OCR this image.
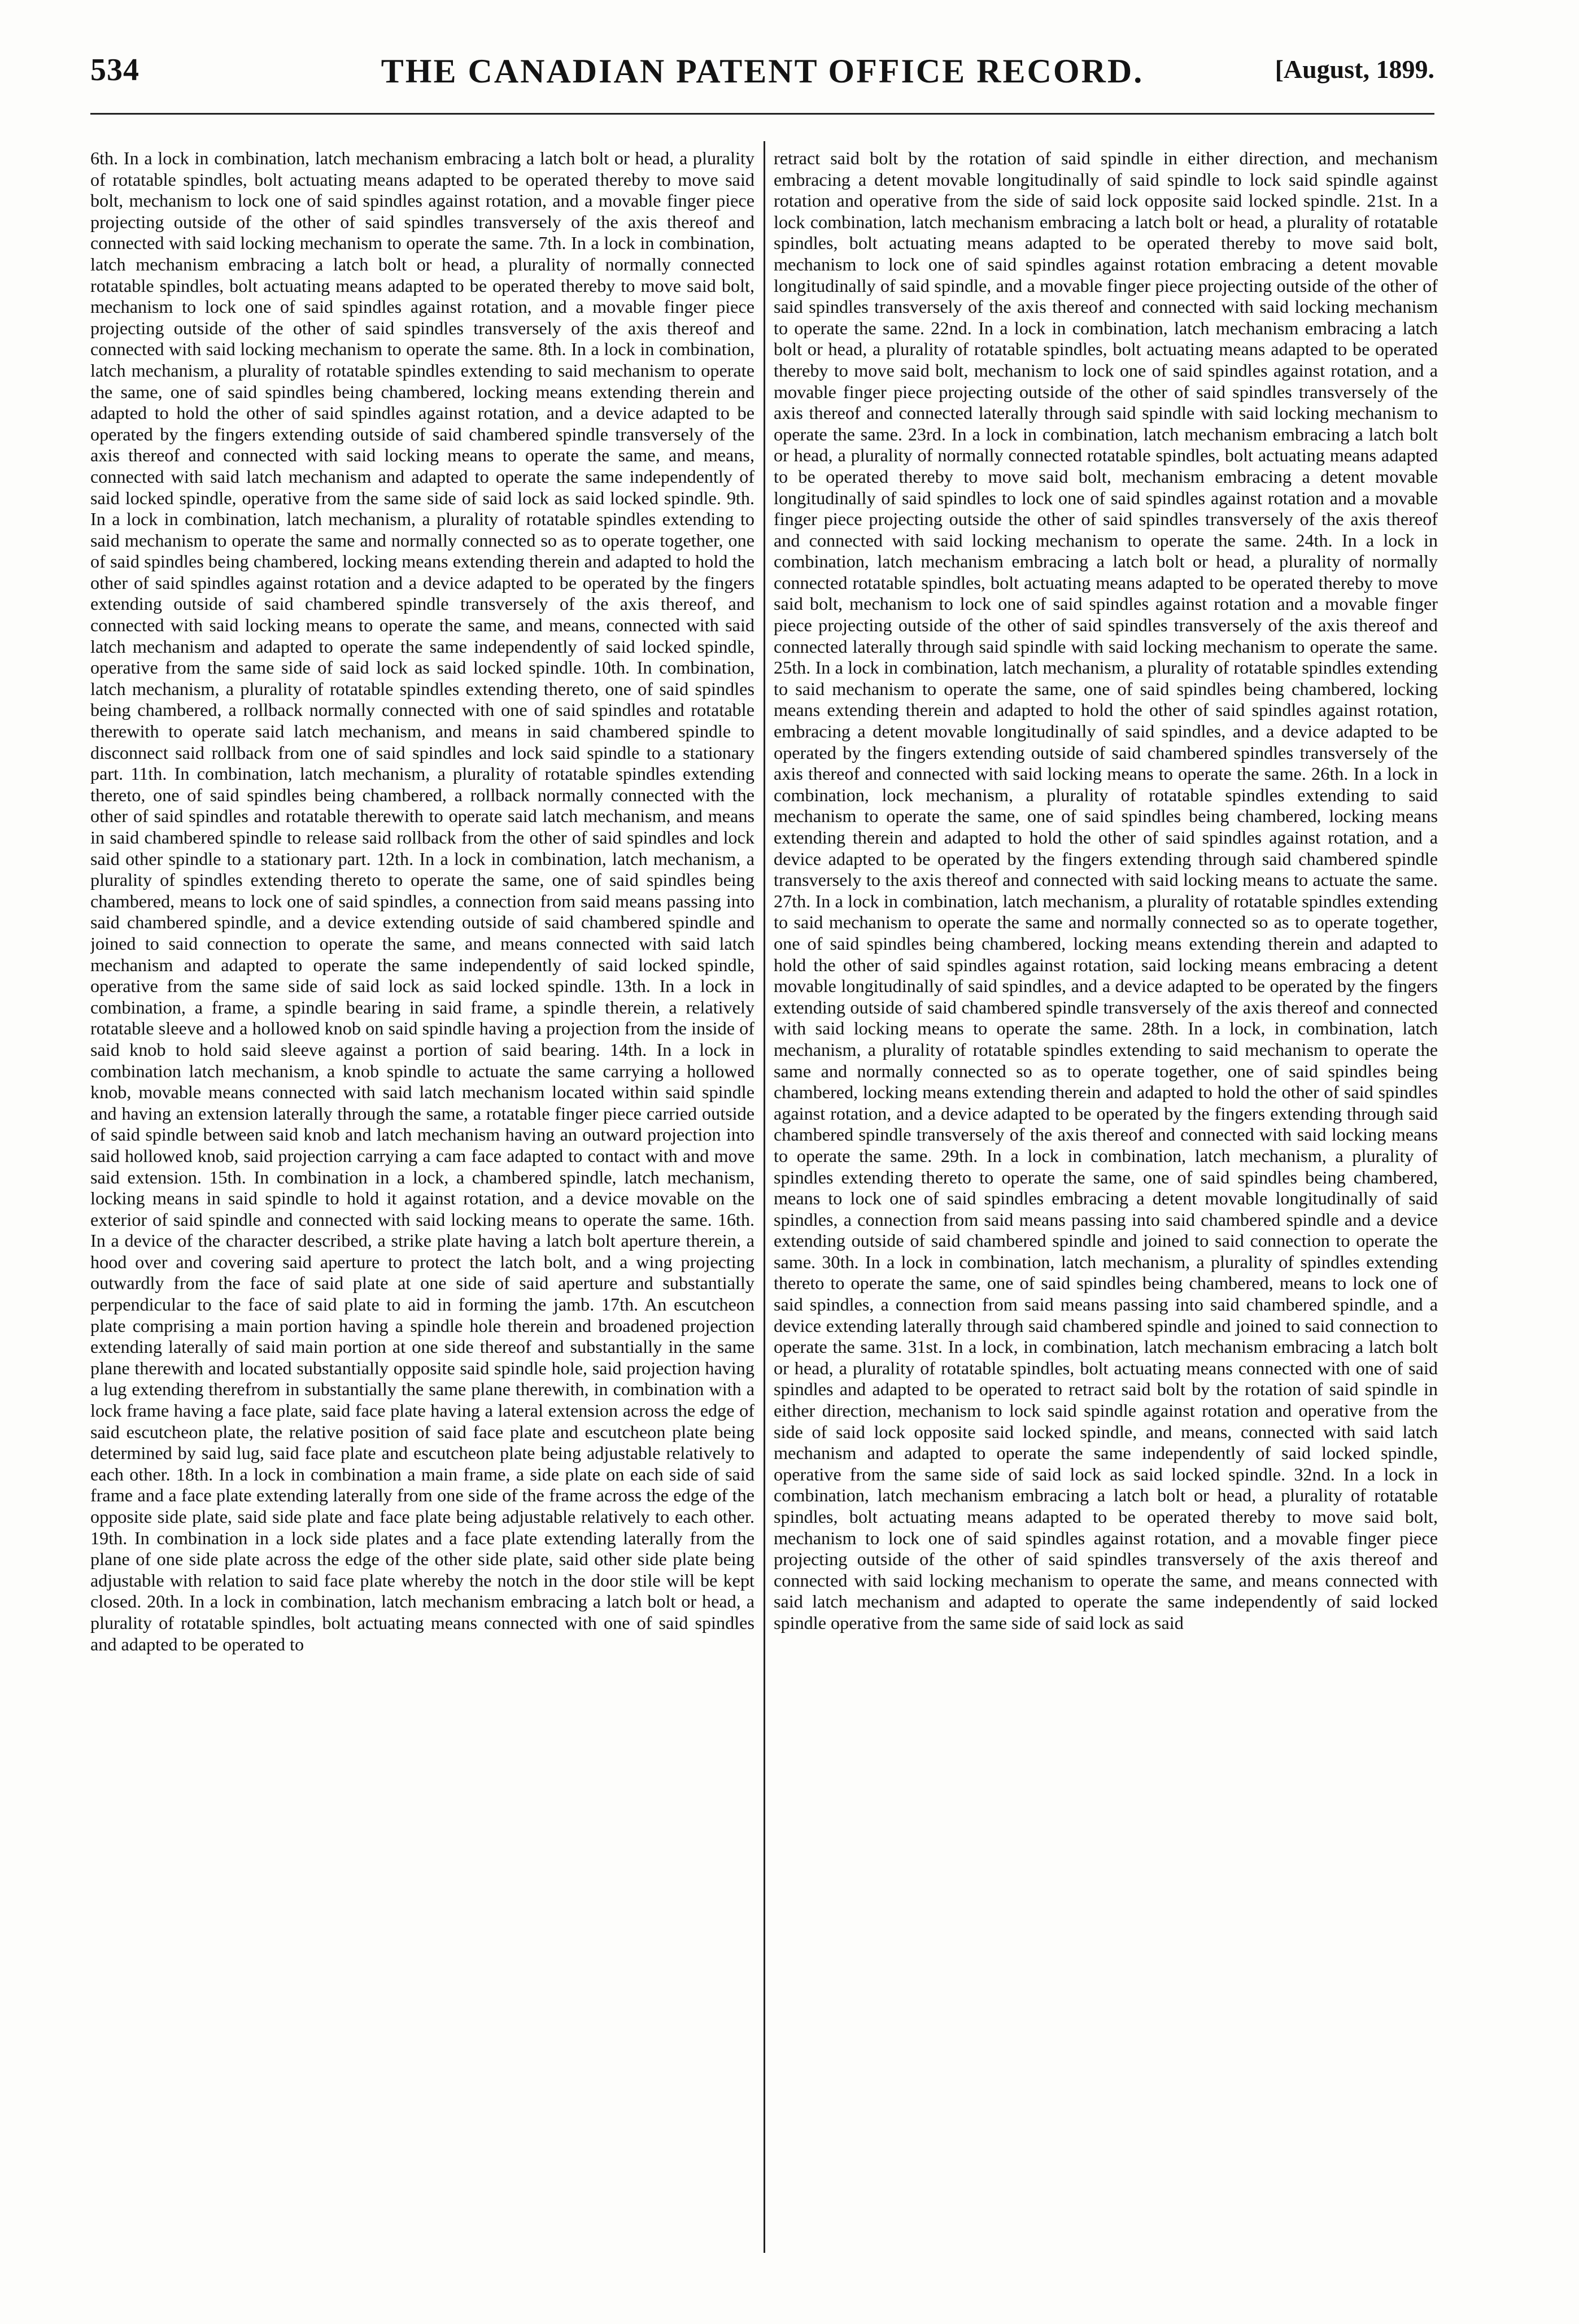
534	THE CANADIAN PATENT OFFICE RECORD.	[August, 1899.

6th. In a lock in combination, latch mechanism embracing a latch bolt or head, a plurality of rotatable spindles, bolt actuating means adapted to be operated thereby to move said bolt, mechanism to lock one of said spindles against rotation, and a movable finger piece projecting outside of the other of said spindles transversely of the axis thereof and connected with said locking mechanism to operate the same. 7th. In a lock in combination, latch mechanism embracing a latch bolt or head, a plurality of normally connected rotatable spindles, bolt actuating means adapted to be operated thereby to move said bolt, mechanism to lock one of said spindles against rotation, and a movable finger piece projecting outside of the other of said spindles transversely of the axis thereof and connected with said locking mechanism to operate the same. 8th. In a lock in combination, latch mechanism, a plurality of rotatable spindles extending to said mechanism to operate the same, one of said spindles being chambered, locking means extending therein and adapted to hold the other of said spindles against rotation, and a device adapted to be operated by the fingers extending outside of said chambered spindle transversely of the axis thereof and connected with said locking means to operate the same, and means, connected with said latch mechanism and adapted to operate the same independently of said locked spindle, operative from the same side of said lock as said locked spindle. 9th. In a lock in combination, latch mechanism, a plurality of rotatable spindles extending to said mechanism to operate the same and normally connected so as to operate together, one of said spindles being chambered, locking means extending therein and adapted to hold the other of said spindles against rotation and a device adapted to be operated by the fingers extending outside of said chambered spindle transversely of the axis thereof, and connected with said locking means to operate the same, and means, connected with said latch mechanism and adapted to operate the same independently of said locked spindle, operative from the same side of said lock as said locked spindle. 10th. In combination, latch mechanism, a plurality of rotatable spindles extending thereto, one of said spindles being chambered, a rollback normally connected with one of said spindles and rotatable therewith to operate said latch mechanism, and means in said chambered spindle to disconnect said rollback from one of said spindles and lock said spindle to a stationary part. 11th. In combination, latch mechanism, a plurality of rotatable spindles extending thereto, one of said spindles being chambered, a rollback normally connected with the other of said spindles and rotatable therewith to operate said latch mechanism, and means in said chambered spindle to release said rollback from the other of said spindles and lock said other spindle to a stationary part. 12th. In a lock in combination, latch mechanism, a plurality of spindles extending thereto to operate the same, one of said spindles being chambered, means to lock one of said spindles, a connection from said means passing into said chambered spindle, and a device extending outside of said chambered spindle and joined to said connection to operate the same, and means connected with said latch mechanism and adapted to operate the same independently of said locked spindle, operative from the same side of said lock as said locked spindle. 13th. In a lock in combination, a frame, a spindle bearing in said frame, a spindle therein, a relatively rotatable sleeve and a hollowed knob on said spindle having a projection from the inside of said knob to hold said sleeve against a portion of said bearing. 14th. In a lock in combination latch mechanism, a knob spindle to actuate the same carrying a hollowed knob, movable means connected with said latch mechanism located within said spindle and having an extension laterally through the same, a rotatable finger piece carried outside of said spindle between said knob and latch mechanism having an outward projection into said hollowed knob, said projection carrying a cam face adapted to contact with and move said extension. 15th. In combination in a lock, a chambered spindle, latch mechanism, locking means in said spindle to hold it against rotation, and a device movable on the exterior of said spindle and connected with said locking means to operate the same. 16th. In a device of the character described, a strike plate having a latch bolt aperture therein, a hood over and covering said aperture to protect the latch bolt, and a wing projecting outwardly from the face of said plate at one side of said aperture and substantially perpendicular to the face of said plate to aid in forming the jamb. 17th. An escutcheon plate comprising a main portion having a spindle hole therein and broadened projection extending laterally of said main portion at one side thereof and substantially in the same plane therewith and located substantially opposite said spindle hole, said projection having a lug extending therefrom in substantially the same plane therewith, in combination with a lock frame having a face plate, said face plate having a lateral extension across the edge of said escutcheon plate, the relative position of said face plate and escutcheon plate being determined by said lug, said face plate and escutcheon plate being adjustable relatively to each other. 18th. In a lock in combination a main frame, a side plate on each side of said frame and a face plate extending laterally from one side of the frame across the edge of the opposite side plate, said side plate and face plate being adjustable relatively to each other. 19th. In combination in a lock side plates and a face plate extending laterally from the plane of one side plate across the edge of the other side plate, said other side plate being adjustable with relation to said face plate whereby the notch in the door stile will be kept closed. 20th. In a lock in combination, latch mechanism embracing a latch bolt or head, a plurality of rotatable spindles, bolt actuating means connected with one of said spindles and adapted to be operated to

retract said bolt by the rotation of said spindle in either direction, and mechanism embracing a detent movable longitudinally of said spindle to lock said spindle against rotation and operative from the side of said lock opposite said locked spindle. 21st. In a lock combination, latch mechanism embracing a latch bolt or head, a plurality of rotatable spindles, bolt actuating means adapted to be operated thereby to move said bolt, mechanism to lock one of said spindles against rotation embracing a detent movable longitudinally of said spindle, and a movable finger piece projecting outside of the other of said spindles transversely of the axis thereof and connected with said locking mechanism to operate the same. 22nd. In a lock in combination, latch mechanism embracing a latch bolt or head, a plurality of rotatable spindles, bolt actuating means adapted to be operated thereby to move said bolt, mechanism to lock one of said spindles against rotation, and a movable finger piece projecting outside of the other of said spindles transversely of the axis thereof and connected laterally through said spindle with said locking mechanism to operate the same. 23rd. In a lock in combination, latch mechanism embracing a latch bolt or head, a plurality of normally connected rotatable spindles, bolt actuating means adapted to be operated thereby to move said bolt, mechanism embracing a detent movable longitudinally of said spindles to lock one of said spindles against rotation and a movable finger piece projecting outside the other of said spindles transversely of the axis thereof and connected with said locking mechanism to operate the same. 24th. In a lock in combination, latch mechanism embracing a latch bolt or head, a plurality of normally connected rotatable spindles, bolt actuating means adapted to be operated thereby to move said bolt, mechanism to lock one of said spindles against rotation and a movable finger piece projecting outside of the other of said spindles transversely of the axis thereof and connected laterally through said spindle with said locking mechanism to operate the same. 25th. In a lock in combination, latch mechanism, a plurality of rotatable spindles extending to said mechanism to operate the same, one of said spindles being chambered, locking means extending therein and adapted to hold the other of said spindles against rotation, embracing a detent movable longitudinally of said spindles, and a device adapted to be operated by the fingers extending outside of said chambered spindles transversely of the axis thereof and connected with said locking means to operate the same. 26th. In a lock in combination, lock mechanism, a plurality of rotatable spindles extending to said mechanism to operate the same, one of said spindles being chambered, locking means extending therein and adapted to hold the other of said spindles against rotation, and a device adapted to be operated by the fingers extending through said chambered spindle transversely to the axis thereof and connected with said locking means to actuate the same. 27th. In a lock in combination, latch mechanism, a plurality of rotatable spindles extending to said mechanism to operate the same and normally connected so as to operate together, one of said spindles being chambered, locking means extending therein and adapted to hold the other of said spindles against rotation, said locking means embracing a detent movable longitudinally of said spindles, and a device adapted to be operated by the fingers extending outside of said chambered spindle transversely of the axis thereof and connected with said locking means to operate the same. 28th. In a lock, in combination, latch mechanism, a plurality of rotatable spindles extending to said mechanism to operate the same and normally connected so as to operate together, one of said spindles being chambered, locking means extending therein and adapted to hold the other of said spindles against rotation, and a device adapted to be operated by the fingers extending through said chambered spindle transversely of the axis thereof and connected with said locking means to operate the same. 29th. In a lock in combination, latch mechanism, a plurality of spindles extending thereto to operate the same, one of said spindles being chambered, means to lock one of said spindles embracing a detent movable longitudinally of said spindles, a connection from said means passing into said chambered spindle and a device extending outside of said chambered spindle and joined to said connection to operate the same. 30th. In a lock in combination, latch mechanism, a plurality of spindles extending thereto to operate the same, one of said spindles being chambered, means to lock one of said spindles, a connection from said means passing into said chambered spindle, and a device extending laterally through said chambered spindle and joined to said connection to operate the same. 31st. In a lock, in combination, latch mechanism embracing a latch bolt or head, a plurality of rotatable spindles, bolt actuating means connected with one of said spindles and adapted to be operated to retract said bolt by the rotation of said spindle in either direction, mechanism to lock said spindle against rotation and operative from the side of said lock opposite said locked spindle, and means, connected with said latch mechanism and adapted to operate the same independently of said locked spindle, operative from the same side of said lock as said locked spindle. 32nd. In a lock in combination, latch mechanism embracing a latch bolt or head, a plurality of rotatable spindles, bolt actuating means adapted to be operated thereby to move said bolt, mechanism to lock one of said spindles against rotation, and a movable finger piece projecting outside of the other of said spindles transversely of the axis thereof and connected with said locking mechanism to operate the same, and means connected with said latch mechanism and adapted to operate the same independently of said locked spindle operative from the same side of said lock as said
